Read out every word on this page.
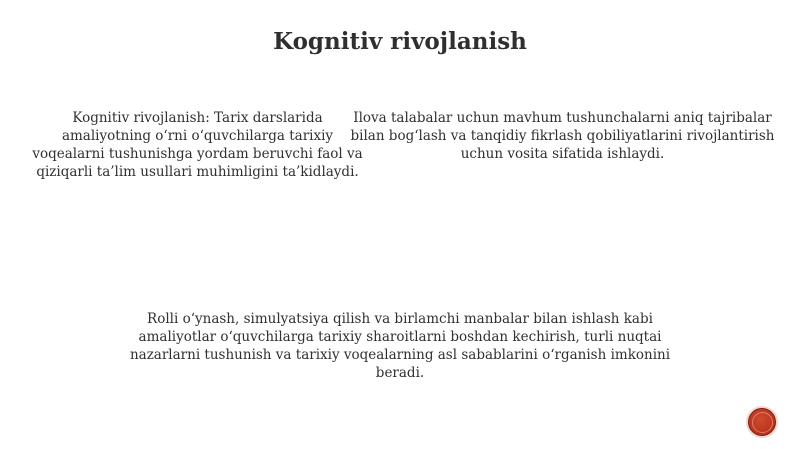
Kognitiv rivojlanish
Kognitiv rivojlanish: Tarix darslarida amaliyotning o‘rni o‘quvchilarga tarixiy voqealarni tushunishga yordam beruvchi faol va qiziqarli ta’lim usullari muhimligini ta’kidlaydi.
Ilova talabalar uchun mavhum tushunchalarni aniq tajribalar bilan bog‘lash va tanqidiy fikrlash qobiliyatlarini rivojlantirish uchun vosita sifatida ishlaydi.
Rolli o‘ynash, simulyatsiya qilish va birlamchi manbalar bilan ishlash kabi amaliyotlar o‘quvchilarga tarixiy sharoitlarni boshdan kechirish, turli nuqtai nazarlarni tushunish va tarixiy voqealarning asl sabablarini o‘rganish imkonini beradi.
